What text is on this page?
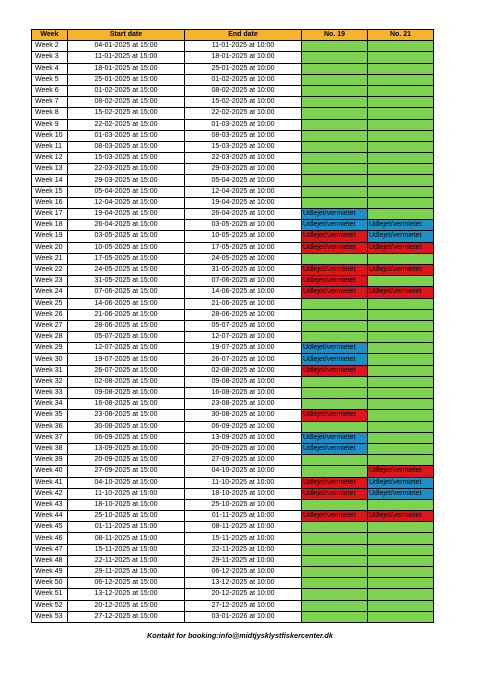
Week	Start date	End date	No. 19	No. 21
Week 2	04-01-2025 at 15:00	11-01-2025 at 10:00		
Week 3	11-01-2025 at 15:00	18-01-2025 at 10:00		
Week 4	18-01-2025 at 15:00	25-01-2025 at 10:00		
Week 5	25-01-2025 at 15:00	01-02-2025 at 10:00		
Week 6	01-02-2025 at 15:00	08-02-2025 at 10:00		
Week 7	08-02-2025 at 15:00	15-02-2025 at 10:00		
Week 8	15-02-2025 at 15:00	22-02-2025 at 10:00		
Week 9	22-02-2025 at 15:00	01-03-2025 at 10:00		
Week 10	01-03-2025 at 15:00	08-03-2025 at 10:00		
Week 11	08-03-2025 at 15:00	15-03-2025 at 10:00		
Week 12	15-03-2025 at 15:00	22-03-2025 at 10:00		
Week 13	22-03-2025 at 15:00	29-03-2025 at 10:00		
Week 14	29-03-2025 at 15:00	05-04-2025 at 10:00		
Week 15	05-04-2025 at 15:00	12-04-2025 at 10:00		
Week 16	12-04-2025 at 15:00	19-04-2025 at 10:00		
Week 17	19-04-2025 at 15:00	26-04-2025 at 10:00	Udlejet/vermietet	
Week 18	26-04-2025 at 15:00	03-05-2025 at 10:00	Udlejet/vermietet	Udlejet/vermietet
Week 19	03-05-2025 at 15:00	10-05-2025 at 10:00	Udlejet/vermietet	Udlejet/vermietet
Week 20	10-05-2025 at 15:00	17-05-2025 at 10:00	Udlejet/vermietet	Udlejet/vermietet
Week 21	17-05-2025 at 15:00	24-05-2025 at 10:00		
Week 22	24-05-2025 at 15:00	31-05-2025 at 10:00	Udlejet/vermietet	Udlejet/vermietet
Week 23	31-05-2025 at 15:00	07-06-2025 at 10:00	Udlejet/vermietet	
Week 24	07-06-2025 at 15:00	14-06-2025 at 10:00	Udlejet/vermietet	Udlejet/vermietet
Week 25	14-06-2025 at 15:00	21-06-2025 at 10:00		
Week 26	21-06-2025 at 15:00	28-06-2025 at 10:00		
Week 27	28-06-2025 at 15:00	05-07-2025 at 10:00		
Week 28	05-07-2025 at 15:00	12-07-2025 at 10:00		
Week 29	12-07-2025 at 15:00	19-07-2025 at 10:00	Udlejet/vermietet	
Week 30	19-07-2025 at 15:00	26-07-2025 at 10:00	Udlejet/vermietet	
Week 31	26-07-2025 at 15:00	02-08-2025 at 10:00	Udlejet/vermietet	
Week 32	02-08-2025 at 15:00	09-08-2025 at 10:00		
Week 33	09-08-2025 at 15:00	16-08-2025 at 10:00		
Week 34	16-08-2025 at 15:00	23-08-2025 at 10:00		
Week 35	23-08-2025 at 15:00	30-08-2025 at 10:00	Udlejet/vermietet	
Week 36	30-08-2025 at 15:00	06-09-2025 at 10:00		
Week 37	06-09-2025 at 15:00	13-09-2025 at 10:00	Udlejet/vermietet	
Week 38	13-09-2025 at 15:00	20-09-2025 at 10:00	Udlejet/vermietet	
Week 39	20-09-2025 at 15:00	27-09-2025 at 10:00		
Week 40	27-09-2025 at 15:00	04-10-2025 at 10:00		Udlejet/vermietet
Week 41	04-10-2025 at 15:00	11-10-2025 at 10:00	Udlejet/vermietet	Udlejet/vermietet
Week 42	11-10-2025 at 15:00	18-10-2025 at 10:00	Udlejet/vermietet	Udlejet/vermietet
Week 43	18-10-2025 at 15:00	25-10-2025 at 10:00		
Week 44	25-10-2025 at 15:00	01-11-2025 at 10:00	Udlejet/vermietet	Udlejet/vermietet
Week 45	01-11-2025 at 15:00	08-11-2025 at 10:00		
Week 46	08-11-2025 at 15:00	15-11-2025 at 10:00		
Week 47	15-11-2025 at 15:00	22-11-2025 at 10:00		
Week 48	22-11-2025 at 15:00	29-11-2025 at 10:00		
Week 49	29-11-2025 at 15:00	06-12-2025 at 10:00		
Week 50	06-12-2025 at 15:00	13-12-2025 at 10:00		
Week 51	13-12-2025 at 15:00	20-12-2025 at 10:00		
Week 52	20-12-2025 at 15:00	27-12-2025 at 10:00		
Week 53	27-12-2025 at 15:00	03-01-2026 at 10:00		
Kontakt for booking:info@midtjysklystfiskercenter.dk
